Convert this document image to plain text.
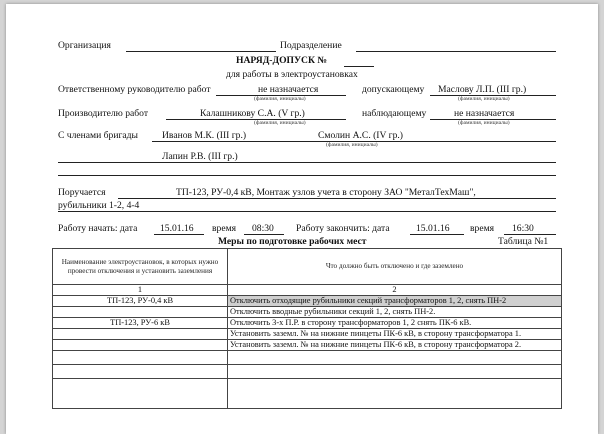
Организация	Подразделение
НАРЯД-ДОПУСК №
для работы в электроустановках
Ответственному руководителю работ	не назначается
(фамилия, инициалы)
допускающему Маслову Л.П. (III гр.)
(фамилия, инициалы)
Производителю работ	Калашникову С.А. (V гр.)
(фамилия, инициалы)
наблюдающему	не назначается
(фамилия, инициалы)
С членами бригады	Иванов М.К. (III гр.)	Смолин А.С. (IV гр.)
(фамилия, инициалы)
Лапин Р.В. (III гр.)
Поручается	ТП-123, РУ-0,4 кВ, Монтаж узлов учета в сторону ЗАО "МеталТехМаш",
рубильники 1-2, 4-4
Работу начать: дата 15.01.16 время 08:30 Работу закончить: дата	15.01.16 время 16:30
Меры по подготовке рабочих мест	Таблица №1
Наименование электроустановок, в которых нужно провести отключения и установить заземления	Что должно быть отключено и где заземлено
1	2
ТП-123, РУ-0,4 кВ	Отключить отходящие рубильники секций трансформаторов 1, 2, снять ПН-2
	Отключить вводные рубильники секций 1, 2, снять ПН-2.
ТП-123, РУ-6 кВ	Отключить 3-х П.Р. в сторону трансформаторов 1, 2 снять ПК-6 кВ.
	Установить заземл. № на нижние пинцеты ПК-6 кВ, в сторону трансформатора 1.
	Установить заземл. № на нижние пинцеты ПК-6 кВ, в сторону трансформатора 2.
